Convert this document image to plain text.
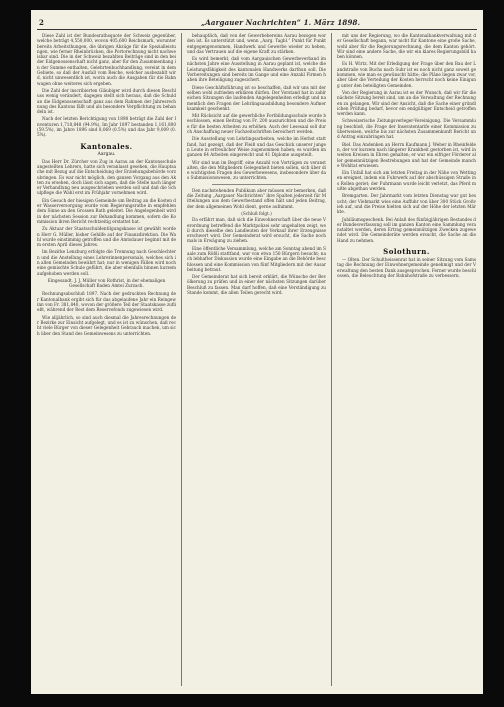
2	„Aargauer Nachrichten“ 1. März 1898.
Diese Zahl ist der Bundesrathsquote der Schweiz gegenüber, welche beträgt 4,550,000, wovon 405,600 Reichsmark, worunter bereits Arbeitsthungen, die übrigen Abzüge für die Spezialleistungen, wie ferner Rheinbrücken, die Portorechnung nicht nachweisbar sind. Die in der Schweiz bezahlten Beiträge sind in den bei der Eidgenossenschaft nicht ganz, aber für den Zusammenhang in der Summe enthalten, Gelehrtenbuchhandlung, vereint in dem Gebiete, so daß der Ausfall vom Reiche, welcher ausbezahlt wird, nicht unwesentlich ist, worin auch die Ausgaben für die Bahnwagen ohne weiteres sich ergeben.
Die Zahl der inscribierten Gläubiger wird durch diesen Beschluss wenig verändert, dagegen stellt sich heraus, daß die Schuld an die Eidgenossenschaft ganz aus dem Rahmen der Jahresrechnung des Kantons fällt und als besondere Verpflichtung zu behandeln ist.
Nach der letzten Berichtigung von 1898 beträgt die Zahl der Inventuren 1,718,848 (94.9%), Im Jahr 1897 bestanden 1,161,800 (59.5%), im Jahre 1896 sind 8,069 (0.5%) und das Jahr 9,009 (0.5%).
Kantonales.
Aargau.
Das Herr Dr. Zürcher von Zug in Aarau an der Kantonsschule angestellten Lehrers, hatte sich veranlasst gesehen, die Hauptsache mit Bezug auf die Entscheidung der Erziehungsbehörde vorzubringen. Es war nicht möglich, den ganzen Vorgang aus den Akten zu ersehen, doch lässt sich sagen, daß die Stelle nach längerer Verhandlung neu ausgeschrieben werden soll und daß die Schulpflege die Wahl erst im Frühjahr vornehmen wird.
Ein Gesuch der hiesigen Gemeinde um Beitrag an die Kosten der Wasserversorgung wurde vom Regierungsrathe in empfehlendem Sinne an den Grossen Rath geleitet. Die Angelegenheit wird in der nächsten Session zur Behandlung kommen, sofern die Kommission ihren Bericht rechtzeitig erstattet hat.
Zu Aktuar der Staatsschuldentilgungskasse ist gewählt worden Herr G. Müller, bisher Gehilfe auf der Finanzdirektion. Die Wahl wurde einstimmig getroffen und die Amtsdauer beginnt mit dem ersten April dieses Jahres.
Im Bezirke Lenzburg erfolgte die Trennung nach Geschlechtern und die Anstellung eines Lehrerinnenpersonals, welches sich in allen Gemeinden bewährt hat; nur in wenigen Fällen wird noch eine gemischte Schule geführt, die aber ebenfalls binnen kurzem aufgehoben werden soll.
Eingesandt. J. J. Müller von Rothrist, in der ehemaligen Gesellschaft Baden Amtei Zurzach.
Rechnungsabschluß 1897. Nach der gedruckten Rechnung der Kantonalbank ergibt sich für das abgelaufene Jahr ein Reingewinn von Fr. 381,840, wovon der größere Teil der Staatskasse zufließt, während der Rest dem Reservefonds zugewiesen wird.
Wie alljährlich, so sind auch diesmal die Jahresrechnungen der Bezirke zur Einsicht aufgelegt, und es ist zu wünschen, daß recht viele Bürger von dieser Gelegenheit Gebrauch machen, um sich über den Stand des Gemeinwesens zu unterrichten.
behauptlich, daß von der Gewerbebereins Aarau bezogen worden ist. Es unterstützt und, wenn „Aarg. Tagbl.“ Punkt für Punkt entgegengenommen, Handwerk und Gewerbe wieder zu heben, und das Vertrauen auf die eigene Kraft zu stärken.
Es wird bemerkt, daß vom Aargauischen Gewerbeverband im nächsten Jahre eine Ausstellung in Aarau geplant ist, welche die Leistungsfähigkeit des kantonalen Handwerks darthun soll. Die Vorbereitungen sind bereits im Gange und eine Anzahl Firmen haben ihre Beteiligung zugesichert.
Diese Geschäftsführung ist so beschaffen, daß wir uns mit derselben wohl zufrieden erklären dürfen. Der Vorstand hat in zahlreichen Sitzungen die laufenden Angelegenheiten erledigt und namentlich den Fragen der Lehrlingsausbildung besondere Aufmerksamkeit geschenkt.
Mit Rücksicht auf die gewerbliche Fortbildungsschule wurde beschlossen, einen Beitrag von Fr. 200 auszurichten und die Preise für die besten Arbeiten zu erhöhen. Auch der Lesesaal soll durch Anschaffung neuer Fachzeitschriften bereichert werden.
Die Ausstellung von Lehrlingsarbeiten, welche im Herbst stattfand, hat gezeigt, daß der Fleiß und das Geschick unserer jungen Leute in erfreulicher Weise zugenommen haben; es wurden im ganzen 64 Arbeiten eingereicht und 41 Diplome ausgeteilt.
Wir sind nun im Begriff, eine Anzahl von Vorträgen zu veranstalten, die den Mitgliedern Gelegenheit bieten sollen, sich über die wichtigsten Fragen des Gewerbewesens, insbesondere über das Submissionswesen, zu unterrichten.
Den nachstehenden Publikum aber müssen wir bemerken, daß die Zeitung „Aargauer Nachrichten“ ihre Spalten jederzeit für Mitteilungen aus dem Gewerbestand offen hält und jeden Beitrag, der dem allgemeinen Wohl dient, gerne aufnimmt.
(Schluß folgt.)
Da erfährt man, daß sich die Einwohnerschaft über die neue Verordnung betreffend die Marktpolizei sehr ungehalten zeigt, weil durch dieselbe den Landleuten der Verkauf ihrer Erzeugnisse erschwert wird. Der Gemeinderat wird ersucht, die Sache nochmals in Erwägung zu ziehen.
Eine öffentliche Versammlung, welche am Sonntag abend im Saale zum Rößli stattfand, war von etwa 150 Bürgern besucht; nach lebhafter Diskussion wurde eine Eingabe an die Behörde beschlossen und eine Kommission von fünf Mitgliedern mit der Ausarbeitung betraut.
Der Gemeinderat hat sich bereit erklärt, die Wünsche der Bevölkerung zu prüfen und in einer der nächsten Sitzungen darüber Beschluß zu fassen. Man darf hoffen, daß eine Verständigung zu Stande kommt, die allen Teilen gerecht wird.
mit uns der Regierung, wo die Kantonalbankverwaltung mit der Gesellschaft begann, war nicht für Kantone eine große Sache, wohl aber für die Regierungsrechnung, die dem Kanton gehört. Wir sind eine andere Sache, die wir ein klares Regierungsbild haben können.
Es H. Wirtz. Mit der Erledigung der Frage über den Bau der Landstraße von Buchs nach Suhr ist es noch nicht ganz soweit gekommen, wie man es gewünscht hätte; die Pläne liegen zwar vor, aber über die Verteilung der Kosten herrscht noch keine Einigung unter den beteiligten Gemeinden.
Von der Regierung in Aarau ist es der Wunsch, daß wir für die nächste Sitzung bereit sind, um an die Verwaltung der Rechnungen zu gelangen. Wir sind der Ansicht, daß die Sache einer gründlichen Prüfung bedarf, bevor ein endgültiger Entscheid getroffen werden kann.
Schweizerische Zeitungsverleger-Vereinigung. Die Versammlung beschloß, die Frage der Inseratentarife einer Kommission zu überweisen, welche bis zur nächsten Zusammenkunft Bericht und Antrag einzubringen hat.
Biel. Das Andenken an Herrn Kaufmann J. Weber in Rheinfelden, der vor kurzem nach längerer Krankheit gestorben ist, wird in weiten Kreisen in Ehren gehalten; er war ein eifriger Förderer aller gemeinnützigen Bestrebungen und hat der Gemeinde manche Wohltat erwiesen.
Ein Unfall hat sich am letzten Freitag in der Nähe von Wettingen ereignet, indem ein Fuhrwerk auf der abschüssigen Straße ins Rollen geriet; der Fuhrmann wurde leicht verletzt, das Pferd mußte abgethan werden.
Bremgarten. Der Jahrmarkt vom letzten Dienstag war gut besucht; der Viehmarkt wies eine Auffuhr von über 300 Stück Großvieh auf, und die Preise hielten sich auf der Höhe der letzten Märkte.
Jubiläumsgeschenk. Bei Anlaß des fünfzigjährigen Bestandes der Bundesverfassung soll im ganzen Kanton eine Sammlung veranstaltet werden, deren Ertrag gemeinnützigen Zwecken zugewendet wird. Die Gemeinderäte werden ersucht, die Sache an die Hand zu nehmen.
Solothurn.
— Olten. Der Schultheissenrat hat in seiner Sitzung vom Samstag die Rechnung der Einwohnergemeinde genehmigt und der Verwaltung den besten Dank ausgesprochen. Ferner wurde beschlossen, die Beleuchtung der Bahnhofstraße zu verbessern.
